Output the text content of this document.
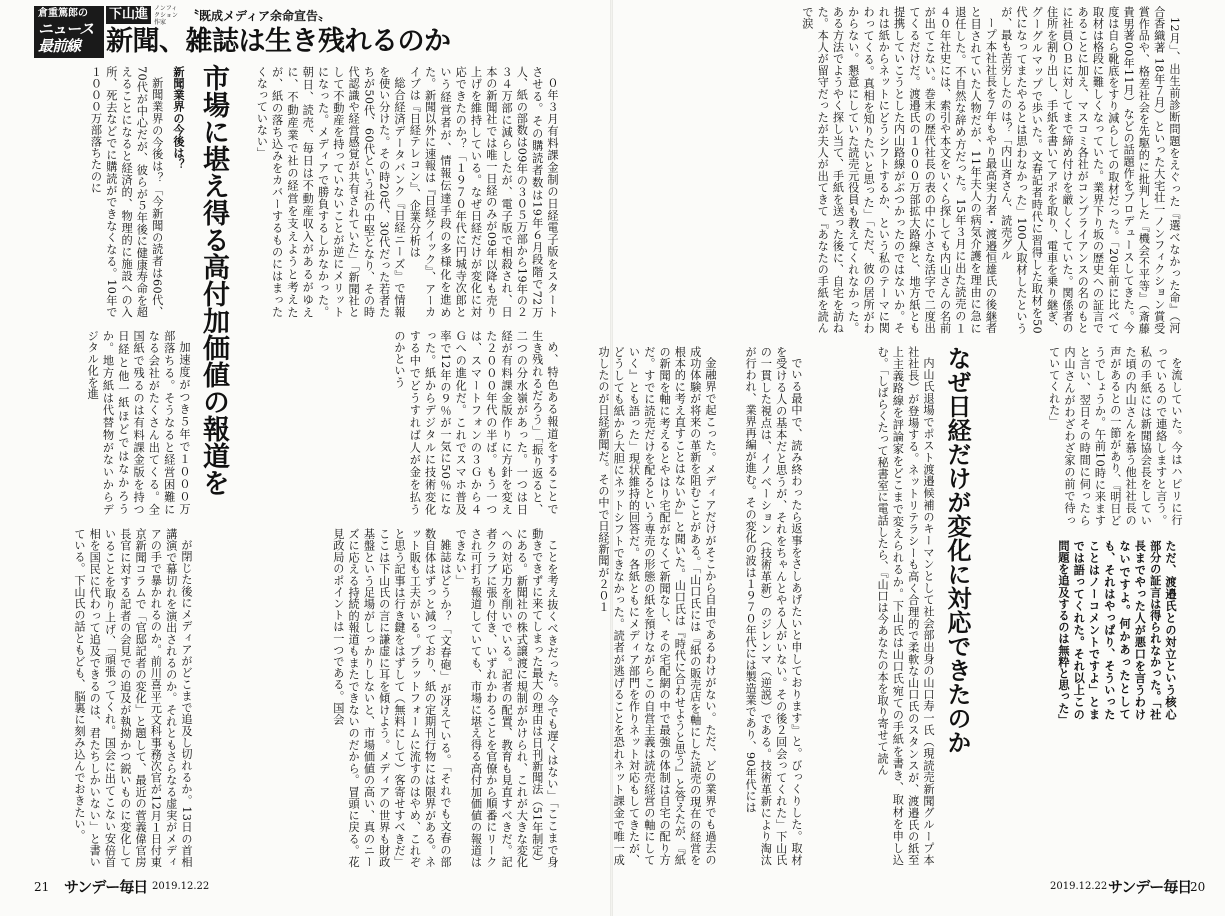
倉重篤郎の
ニュース最前線
下山進	ノンフィクション作家	〝既成メディア余命宣告〟
新聞、雑誌は生き残れるのか

０年３月有料課金制の日経電子版をスタートさせる。その購読者数は19年６月段階で72万人、紙の部数は09年の３０５万部から19年の２３４万部に減らしたが、電子版で相殺され、日本の新聞社では唯一日経のみが09年以降も売り上げを維持している。なぜ日経だけが変化に対応できたのか？「１９７０年代に円城寺次郎という経営者が、情報伝達手段の多様化を進めた。新聞以外に速報は『日経クイック』、アーカイブは『日経テレコン』、企業分析は

総合経済データバンク『日経ニーズ』で情報を使い分けた。その時20代、30代だった若者たちが50代、60代という社の中堅となり、その時代認識や経営感覚が共有されていた」「新聞社として不動産を持っていないことが逆にメリットになった。メディアで勝負するしかなかった。朝日、読売、毎日は不動産収入があるがゆえに、不動産業で社の経営を支えようと考えたが、紙の落ち込みをカバーするものにはまったくなっていない」

市場に堪え得る高付加価値の報道を

新聞業界の今後は？

新聞業界の今後は？「今新聞の読者は60代、70代が中心だが、彼らが５年後に健康寿命を超えることになると経済的、物理的に施設への入所、死去などでに購読ができなくなる。10年で１０００万部落ちたのに

加速度がつき５年で１０００万部落ちる。そうなると経営困難になる会社がたくさん出てくる。全国紙で残るのは有料課金版を持つ日経と他一紙ほどではなかろうか。地方紙は代替物がないからデジタル化を進	め、特色ある報道をすることで生き残れるだろう」「振り返ると、二つの分水嶺があった。一つは日経が有料課金版作りに方針を変えた２０００年代の半ば。もう一つは、スマートフォンの３Ｇから４Ｇへの進化だ。これでスマホ普及率で12年の９％が一気に50％になった。紙からデジタルに技術変化する中でどうすれば人が金を払うのかという

ことを考え抜くべきだった。今でも遅くはない」「ここまで身動きできずに来てしまった最大の理由は日刊新聞法（51年制定）にある。新聞社の株式譲渡に規制がかけられ、これが大きな変化への対応力を削いでいる。記者の配置、教育も見直すべきだ。記者クラブに張り付き、いずれかわることを官僚から順番にリークされ可打ち報道していても、市場に堪え得る高付加価値の報道はできない」

雑誌はどうか？「文春砲」が冴えている。「それでも文春の部数自体はずっと減っており、紙の定期刊行物には限界がある。ネット販も工夫がいる。プラットフォームに流すのはやめ、これぞと思う記事は行き鍵をはずして（無料にして）客寄せすべきだ」ここは下山氏の言に謙虚に耳を傾けよう。メディアの世界も財政基盤という足場がしっかりしないと、市場価値の高い、真のニーズに応える持続的報道もまたできないのだから。冒頭に戻る。花見政局のポイントは一つである。国会

が閉じた後にメディアがどこまで追及し切れるか。13日の首相講演で幕切れを演出されるのか。それともさらなる虚実がメディアの手で暴かれるのか。前川喜平元文科事務次官が12月１日付東京新聞コラムで「官邸記者の変化」と題して、最近の菅義偉官房長官に対する記者の会見での追及が執拗かつ鋭いものに変化していることを取り上げ、「頑張ってくれ。国会に出てこない安倍首相を国民に代わって追及できるのは、君たちしかいない」と書いている。下山氏の話ともども、脳裏に刻み込んでおきたい。

21 サンデー毎日 2019.12.22

12月」、出生前診断問題をえぐった『選べなかった命』（河合香織著 18年７月）といった大宅壮一ノンフィクション賞受賞作品や、格差社会を先駆的に批判した『機会不平等』（斎藤貴男著00年11月）などの話題作をプロデュースしてきた。今度は自ら靴底をすり減らしての取材だった。「20年前に比べて取材は格段に難しくなっていた。業界下り坂の歴史への証言であることに加え、マスコミ各社がコンプライアンスの名のもとに社員ＯＢに対してまで締め付けを厳しくしていた。関係者の住所を割り出し、手紙を書いてアポを取り、電車を乗り継ぎ、グーグルマップで歩いた。文春記者時代に習得した取材を50代になってまたやるとは思わなかった」100人取材したというが、最も苦労したのは？「内山斉さん、読売グル

ープ本社社長を７年もやり最高実力者・渡邉恒雄氏の後継者と目されていた人物だが、11年夫人の病気介護を理由に急に退任した。不自然な辞め方だった。15年３月に出た読売の１４０年社史には、索引や本文をいくら探しても内山さんの名前が出てこない。巻末の歴代社長の表の中に小さな活字で二度出てくるだけだ。渡邉氏の１０００万部拡大路線と、地方紙とも提携していこうとした内山路線がぶつかったのではないか。それは紙からネットにどうシフトするか、という私のテーマに関わってくる。真相を知りたいと思った」「ただ、彼の居所がわからない。懇意にしていた読売元役員も教えてくれなかった。ある方法でようやく探し当て、手紙を送った後に、自宅を訪ねた。本人が留守だったが夫人が出てきて『あなたの手紙を読んで涙

なぜ日経だけが変化に対応できたのか	を流していた。今はハピリに行っているので連絡しますと言う。私の手紙には新聞協会長をしていた頃の内山さんを慕う他社社長の声があるとの一節があり、『明日どうでしょうか。午前10時に来ますと言い、翌日その時間に伺ったら内山さんがわざわざ家の前で待っていてくれた」

ただ、渡邉氏との対立という核心部分の証言は得られなかった。「社長までやった人が悪口を言うわけないですよ。何かあったとしても、それはやっぱり、そういったことはノーコメントですよ」とまでは語ってくれた。それ以上この問題を追及するのは無粋と思った」

内山氏退場でポスト渡邉候補のキーマンとして社会部出身の山口寿一氏（現読売新聞グループ本社社長）が登場する。ネットリテラシーも高く合理的で柔軟な山口氏のスタンスが、渡邉氏の紙至上主義路線を評論家をどこまで変えられるか。下山氏は山口氏宛ての手紙を書き、取材を申し込む。「しばらくたって秘書室に電話したら、『山口は今あなたの本を取り寄せて読ん

でいる最中で、読み終わったら返事をさしあげたいと申しております』と。びっくりした。取材を受ける人の基本だと思うが、それをちゃんとやる人がいない。その後２回会ってくれた」下山氏の一貫した視点は、イノベーション（技術革新）のジレンマ（逆説）である。技術革新により淘汰が行われ、業界再編が進む。その変化の波は１９７０年代には製造業であり、90年代には

金融界で起こった。メディアだけがそこから自由であるわけがない。ただ、どの業界でも過去の成功体験が将来の革新を阻むことがある。「山口氏には『紙の販売店を軸にした読売の現在の経営を根本的に考え直すことはないか』と聞いた。山口氏は『時代に合わせようと思う』と答えたが、『紙の新聞を軸に考えるとやはり宅配がなくて新聞なし、その宅配網の中で最強の体制は自宅の配り方だ。すでに読売だけを配るという専売の形態の紙を預けながらこの自営主義は読売経営の軸にしていく』とも語った」現状維持的回答だ。各紙ともにメディア部門を作りネット対応もしてきたが、どうしても紙から大胆にネットシフトできなかった。読者が逃げることを恐れネット課金で唯一成功したのが日経新聞だ。その中で日経新聞が２０１

2019.12.22 サンデー毎日
20
